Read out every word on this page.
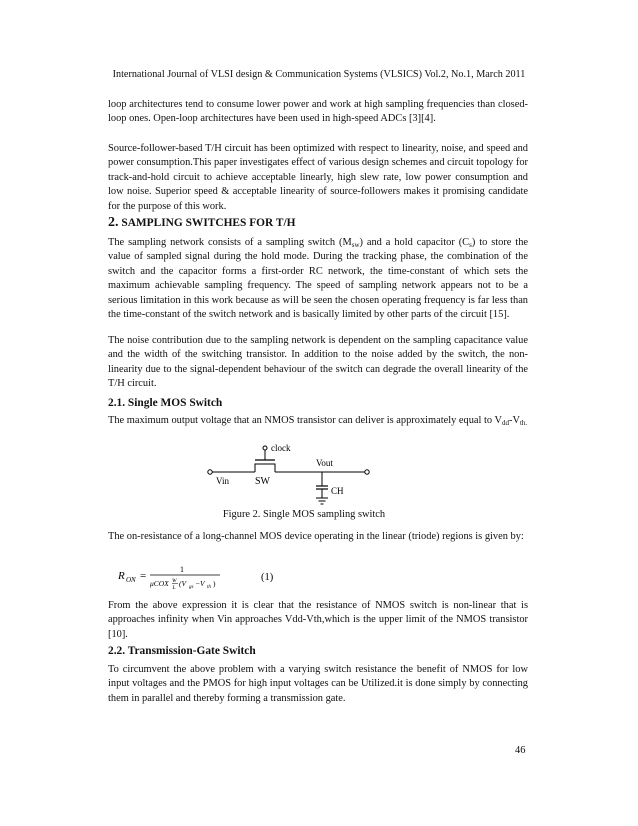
International Journal of VLSI design & Communication Systems (VLSICS) Vol.2, No.1, March 2011

loop architectures tend to consume lower power and work at high sampling frequencies than closed-loop ones. Open-loop architectures have been used in high-speed ADCs [3][4].

Source-follower-based T/H circuit has been optimized with respect to linearity, noise, and speed and power consumption.This paper investigates effect of various design schemes and circuit topology for track-and-hold circuit to achieve acceptable linearly, high slew rate, low power consumption and low noise. Superior speed & acceptable linearity of source-followers makes it promising candidate for the purpose of this work.

2. SAMPLING SWITCHES FOR T/H

The sampling network consists of a sampling switch $(M_{sw})$ and a hold capacitor $(C_s)$ to store the value of sampled signal during the hold mode. During the tracking phase, the combination of the switch and the capacitor forms a first-order RC network, the time-constant of which sets the maximum achievable sampling frequency. The speed of sampling network appears not to be a serious limitation in this work because as will be seen the chosen operating frequency is far less than the time-constant of the switch network and is basically limited by other parts of the circuit [15].

The noise contribution due to the sampling network is dependent on the sampling capacitance value and the width of the switching transistor. In addition to the noise added by the switch, the non-linearity due to the signal-dependent behaviour of the switch can degrade the overall linearity of the T/H circuit.

2.1. Single MOS Switch

The maximum output voltage that an NMOS transistor can deliver is approximately equal to $V_{dd}-V_{th.}$

clock
Vout
Vin	SW
CH
Figure 2. Single MOS sampling switch

The on-resistance of a long-channel MOS device operating in the linear (triode) regions is given by:

R ON =
1
μCOX W
L (V gs −V th )
(1)

From the above expression it is clear that the resistance of NMOS switch is non-linear that is approaches infinity when Vin approaches Vdd-Vth,which is the upper limit of the NMOS transistor [10].

2.2. Transmission-Gate Switch

To circumvent the above problem with a varying switch resistance the benefit of NMOS for low input voltages and the PMOS for high input voltages can be Utilized.it is done simply by connecting them in parallel and thereby forming a transmission gate.

46
